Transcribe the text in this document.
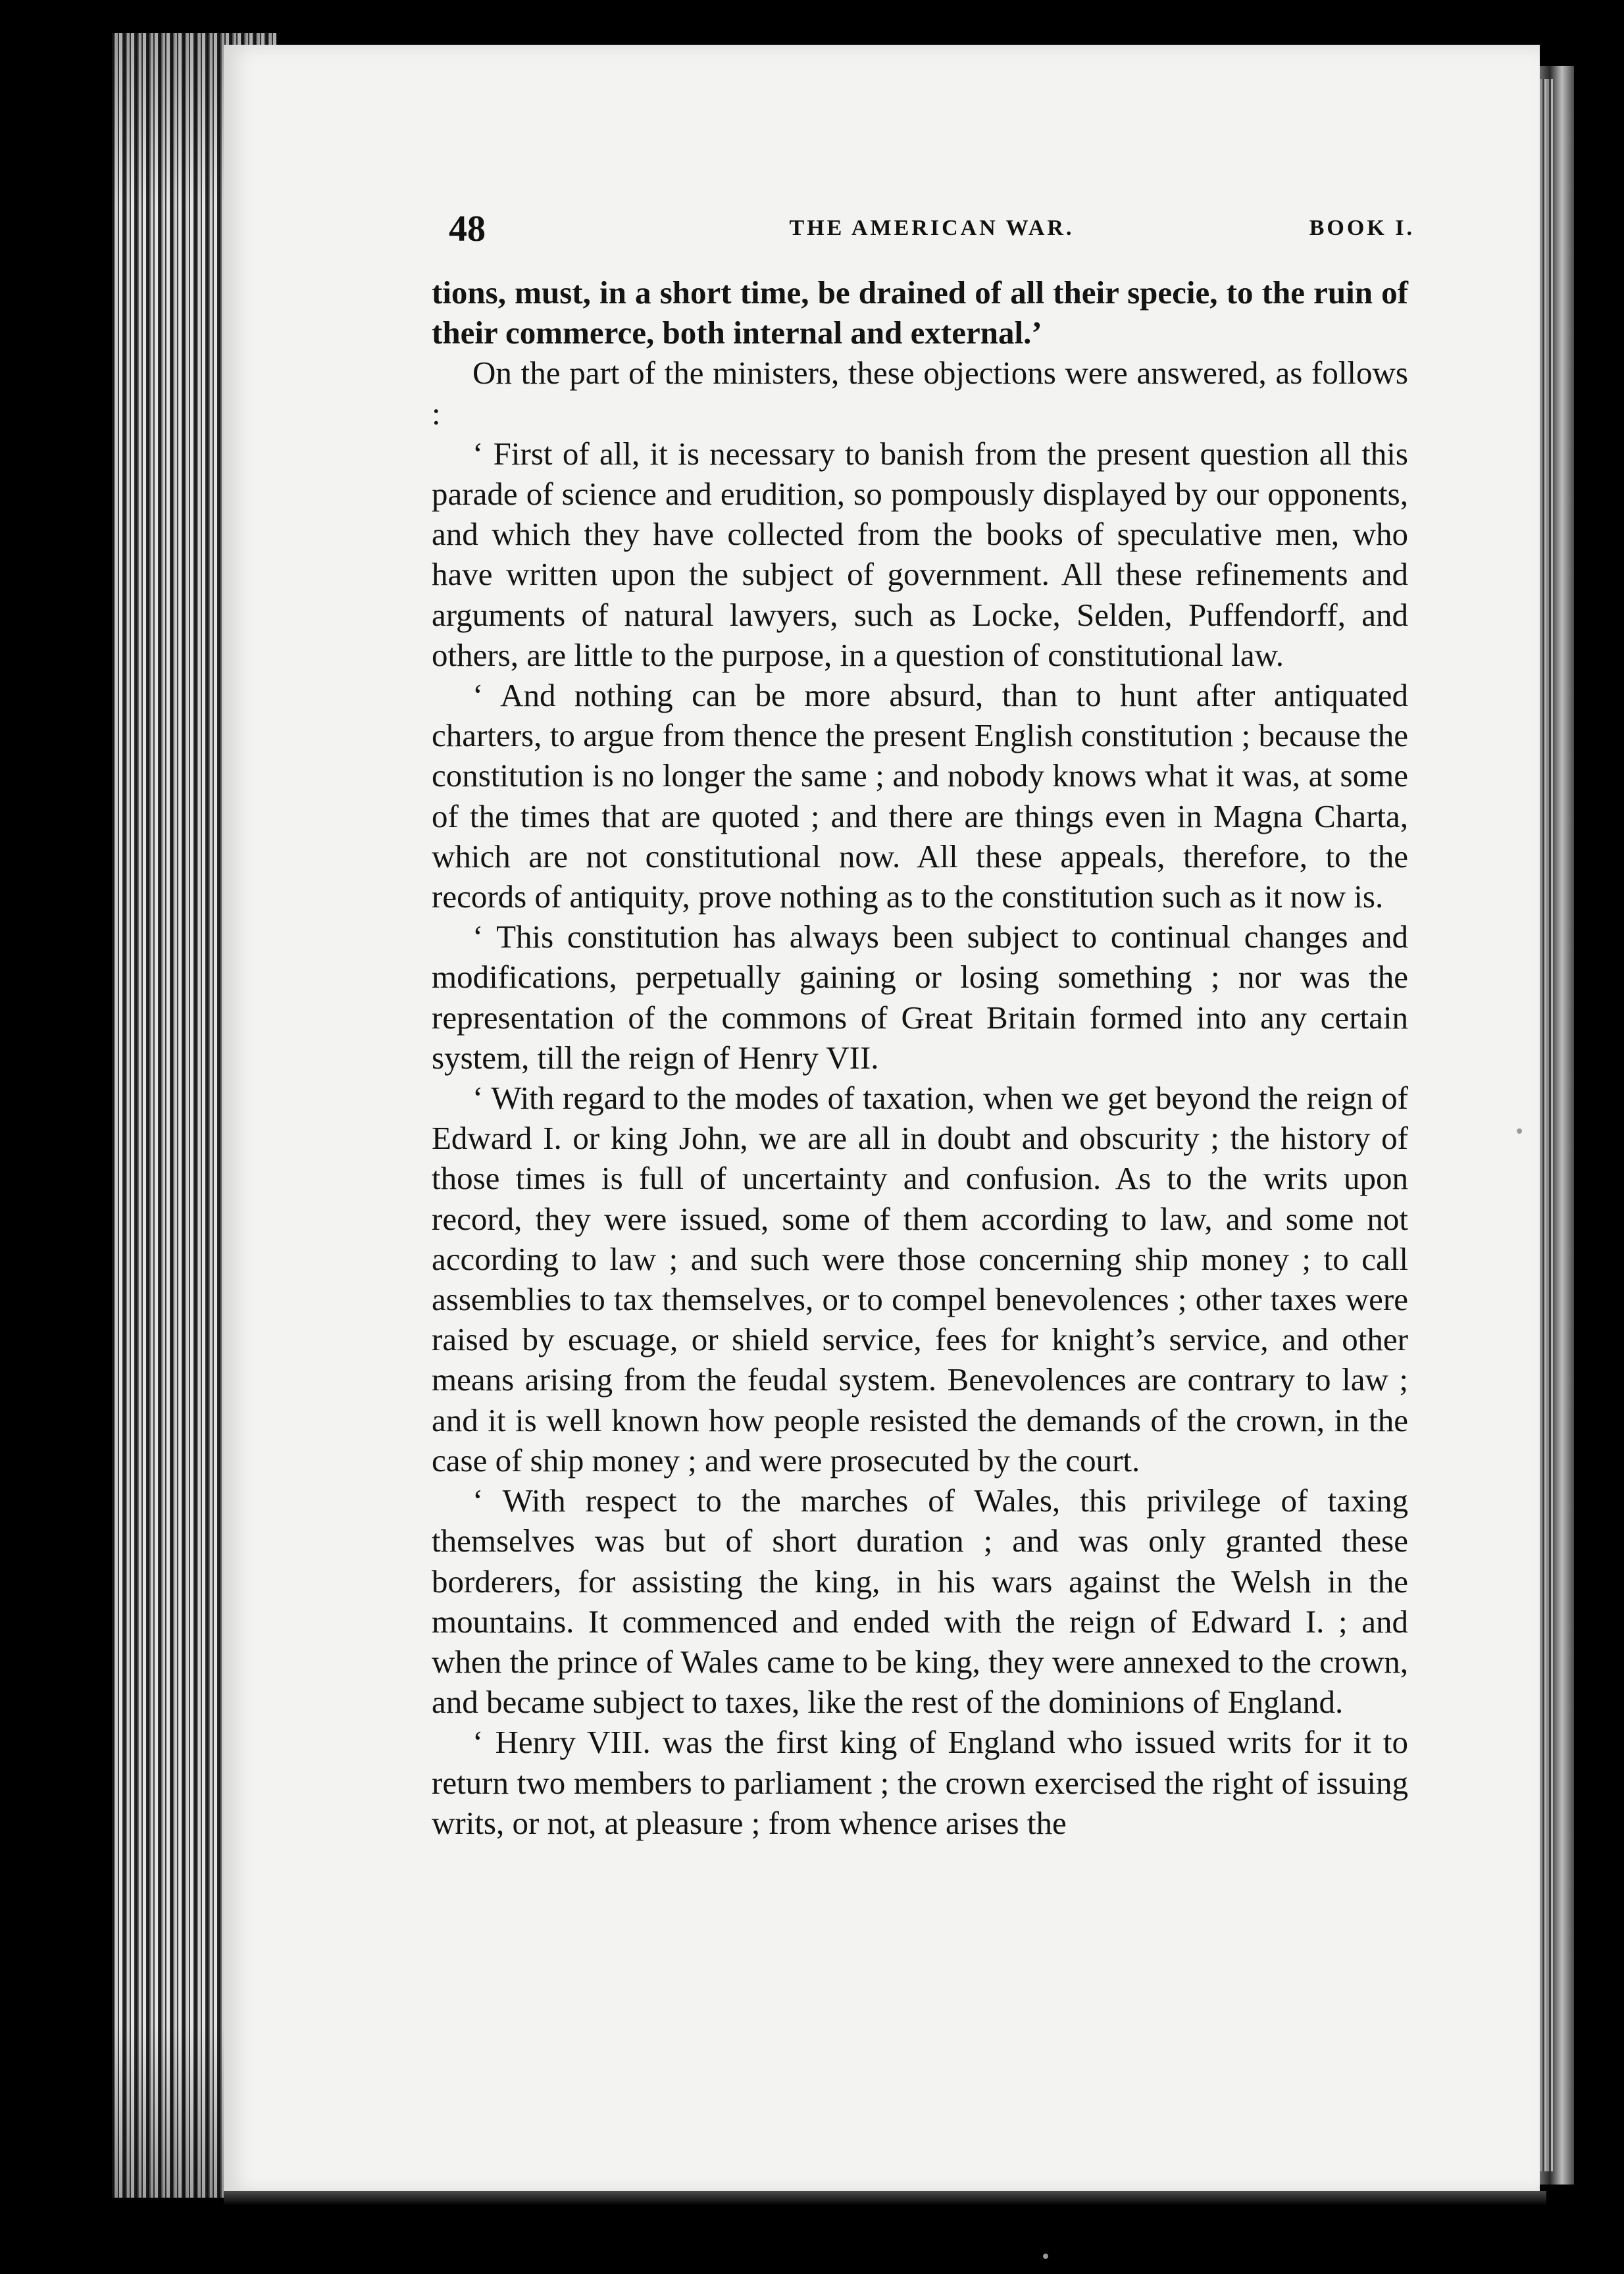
48	THE AMERICAN WAR.	BOOK I.

tions, must, in a short time, be drained of all their specie, to the ruin of their commerce, both internal and external.’

On the part of the ministers, these objections were answered, as follows :

‘ First of all, it is necessary to banish from the present question all this parade of science and erudition, so pompously displayed by our opponents, and which they have collected from the books of speculative men, who have written upon the subject of government. All these refinements and arguments of natural lawyers, such as Locke, Selden, Puffendorff, and others, are little to the purpose, in a question of constitutional law.

‘ And nothing can be more absurd, than to hunt after antiquated charters, to argue from thence the present English constitution ; because the constitution is no longer the same ; and nobody knows what it was, at some of the times that are quoted ; and there are things even in Magna Charta, which are not constitutional now. All these appeals, therefore, to the records of antiquity, prove nothing as to the constitution such as it now is.

‘ This constitution has always been subject to continual changes and modifications, perpetually gaining or losing something ; nor was the representation of the commons of Great Britain formed into any certain system, till the reign of Henry VII.

‘ With regard to the modes of taxation, when we get beyond the reign of Edward I. or king John, we are all in doubt and obscurity ; the history of those times is full of uncertainty and confusion. As to the writs upon record, they were issued, some of them according to law, and some not according to law ; and such were those concerning ship money ; to call assemblies to tax themselves, or to compel benevolences ; other taxes were raised by escuage, or shield service, fees for knight’s service, and other means arising from the feudal system. Benevolences are contrary to law ; and it is well known how people resisted the demands of the crown, in the case of ship money ; and were prosecuted by the court.

‘ With respect to the marches of Wales, this privilege of taxing themselves was but of short duration ; and was only granted these borderers, for assisting the king, in his wars against the Welsh in the mountains. It commenced and ended with the reign of Edward I. ; and when the prince of Wales came to be king, they were annexed to the crown, and became subject to taxes, like the rest of the dominions of England.

‘ Henry VIII. was the first king of England who issued writs for it to return two members to parliament ; the crown exercised the right of issuing writs, or not, at pleasure ; from whence arises the
